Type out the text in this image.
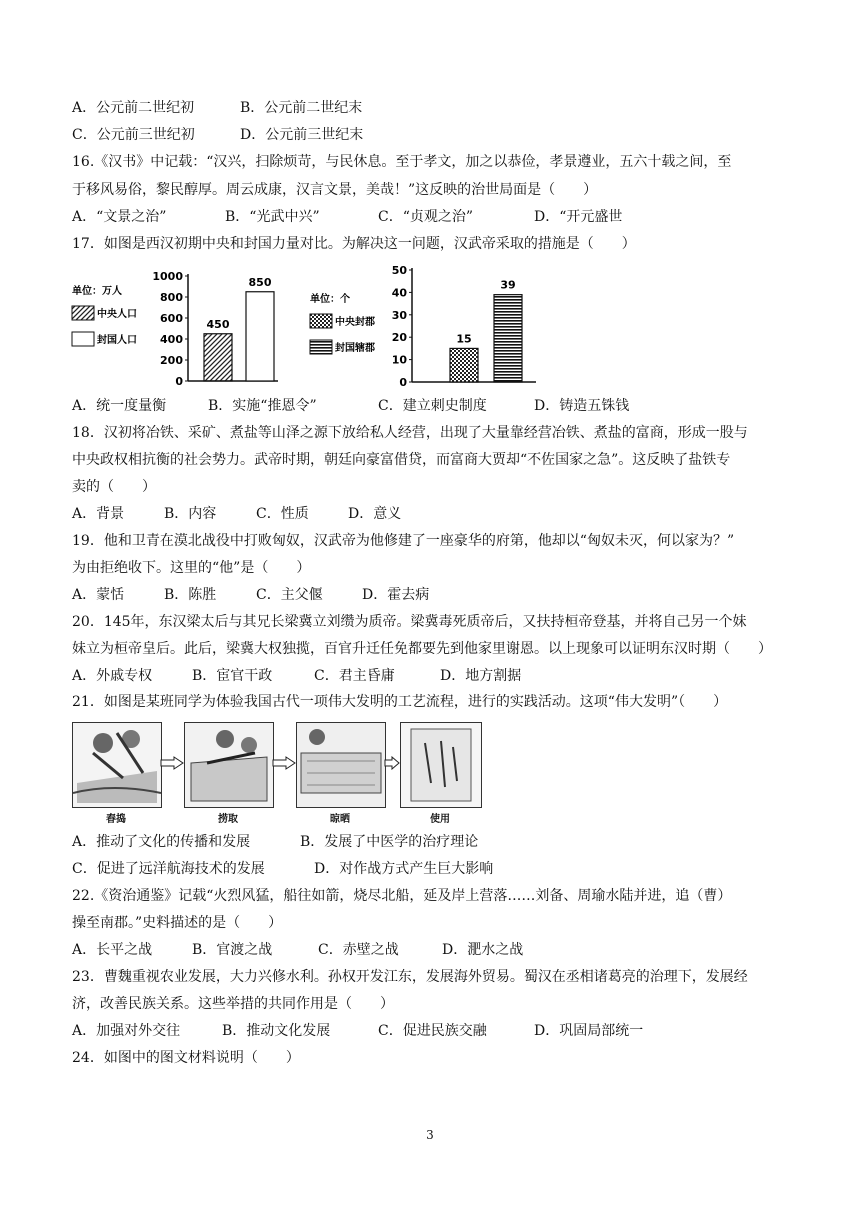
A．公元前二世纪初	B．公元前二世纪末
C．公元前三世纪初	D．公元前三世纪末
16.《汉书》中记载：“汉兴，扫除烦苛，与民休息。至于孝文，加之以恭俭，孝景遵业，五六十载之间，至
于移风易俗，黎民醇厚。周云成康，汉言文景，美哉！”这反映的治世局面是（　　）
A．“文景之治”	B．“光武中兴”	C．“贞观之治”	D．“开元盛世
17．如图是西汉初期中央和封国力量对比。为解决这一问题，汉武帝采取的措施是（　　）
0
200
400
600
800
1000
单位：万人
中央人口
封国人口
450
850
0
10
20
30
40
50
单位：个
中央封郡
封国辖郡
15
39
A．统一度量衡	B．实施“推恩令”	C．建立刺史制度	D．铸造五铢钱
18．汉初将冶铁、采矿、煮盐等山泽之源下放给私人经营，出现了大量靠经营冶铁、煮盐的富商，形成一股与
中央政权相抗衡的社会势力。武帝时期，朝廷向豪富借贷，而富商大贾却“不佐国家之急”。这反映了盐铁专
卖的（　　）
A．背景	B．内容	C．性质	D．意义
19．他和卫青在漠北战役中打败匈奴，汉武帝为他修建了一座豪华的府第，他却以“匈奴未灭，何以家为？”
为由拒绝收下。这里的“他”是（　　）
A．蒙恬	B．陈胜	C．主父偃	D．霍去病
20．145年，东汉梁太后与其兄长梁冀立刘缵为质帝。梁冀毒死质帝后，又扶持桓帝登基，并将自己另一个妹
妹立为桓帝皇后。此后，梁冀大权独揽，百官升迁任免都要先到他家里谢恩。以上现象可以证明东汉时期（　　）
A．外戚专权	B．宦官干政	C．君主昏庸	D．地方割据
21．如图是某班同学为体验我国古代一项伟大发明的工艺流程，进行的实践活动。这项“伟大发明”（　　）
舂捣	捞取	晾晒	使用
A．推动了文化的传播和发展	B．发展了中医学的治疗理论
C．促进了远洋航海技术的发展	D．对作战方式产生巨大影响
22.《资治通鉴》记载“火烈风猛，船往如箭，烧尽北船，延及岸上营落……刘备、周瑜水陆并进，追（曹）
操至南郡。”史料描述的是（　　）
A．长平之战	B．官渡之战	C．赤壁之战	D．淝水之战
23．曹魏重视农业发展，大力兴修水利。孙权开发江东，发展海外贸易。蜀汉在丞相诸葛亮的治理下，发展经
济，改善民族关系。这些举措的共同作用是（　　）
A．加强对外交往	B．推动文化发展	C．促进民族交融	D．巩固局部统一
24．如图中的图文材料说明（　　）
3
